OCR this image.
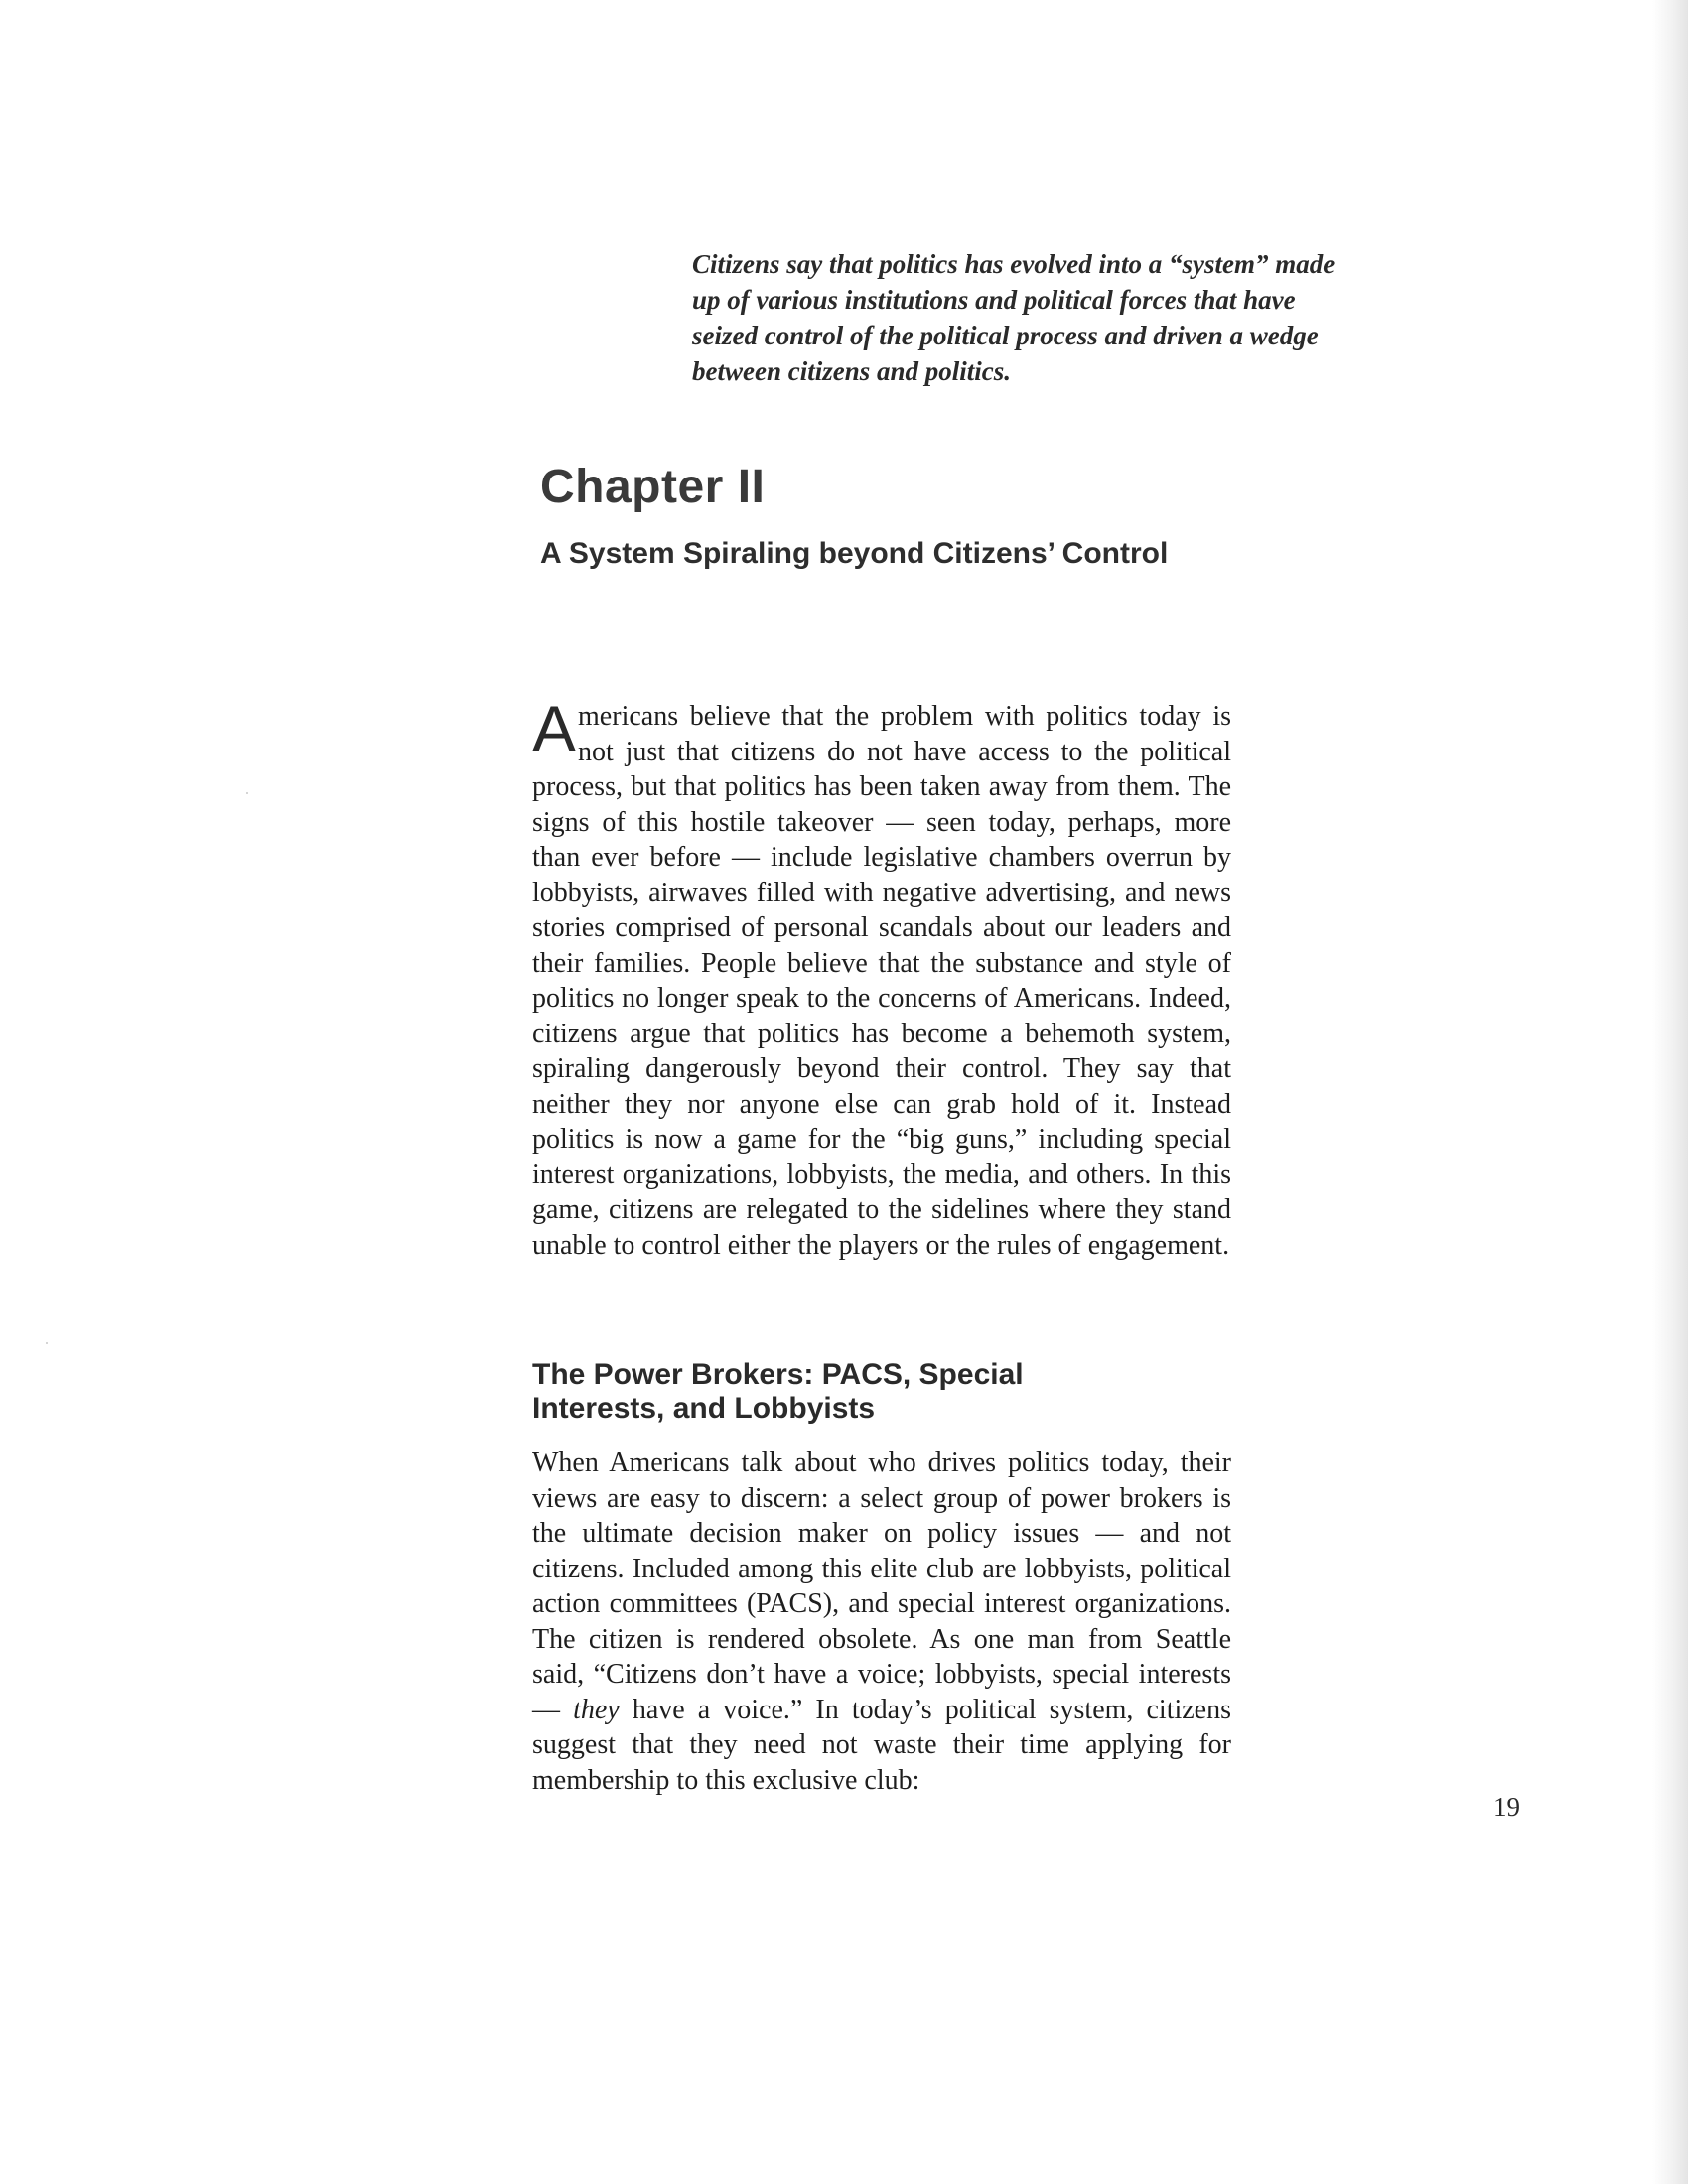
Citizens say that politics has evolved into a “system” made up of various institutions and political forces that have seized control of the political process and driven a wedge between citizens and politics.
Chapter II
A System Spiraling beyond Citizens’ Control
Americans believe that the problem with politics today is not just that citizens do not have access to the political process, but that politics has been taken away from them. The signs of this hostile takeover — seen today, perhaps, more than ever before — include legislative chambers overrun by lobbyists, airwaves filled with negative advertising, and news stories comprised of personal scandals about our leaders and their families. People believe that the substance and style of politics no longer speak to the concerns of Americans. Indeed, citizens argue that politics has become a behemoth system, spiraling dangerously beyond their control. They say that neither they nor anyone else can grab hold of it. Instead politics is now a game for the “big guns,” including special interest organizations, lobbyists, the media, and others. In this game, citizens are relegated to the sidelines where they stand unable to control either the players or the rules of engagement.
The Power Brokers: PACS, Special Interests, and Lobbyists
When Americans talk about who drives politics today, their views are easy to discern: a select group of power brokers is the ultimate decision maker on policy issues — and not citizens. Included among this elite club are lobbyists, political action committees (PACS), and special interest organizations. The citizen is rendered obsolete. As one man from Seattle said, “Citizens don’t have a voice; lobbyists, special interests — they have a voice.” In today’s political system, citizens suggest that they need not waste their time applying for membership to this exclusive club:
19
